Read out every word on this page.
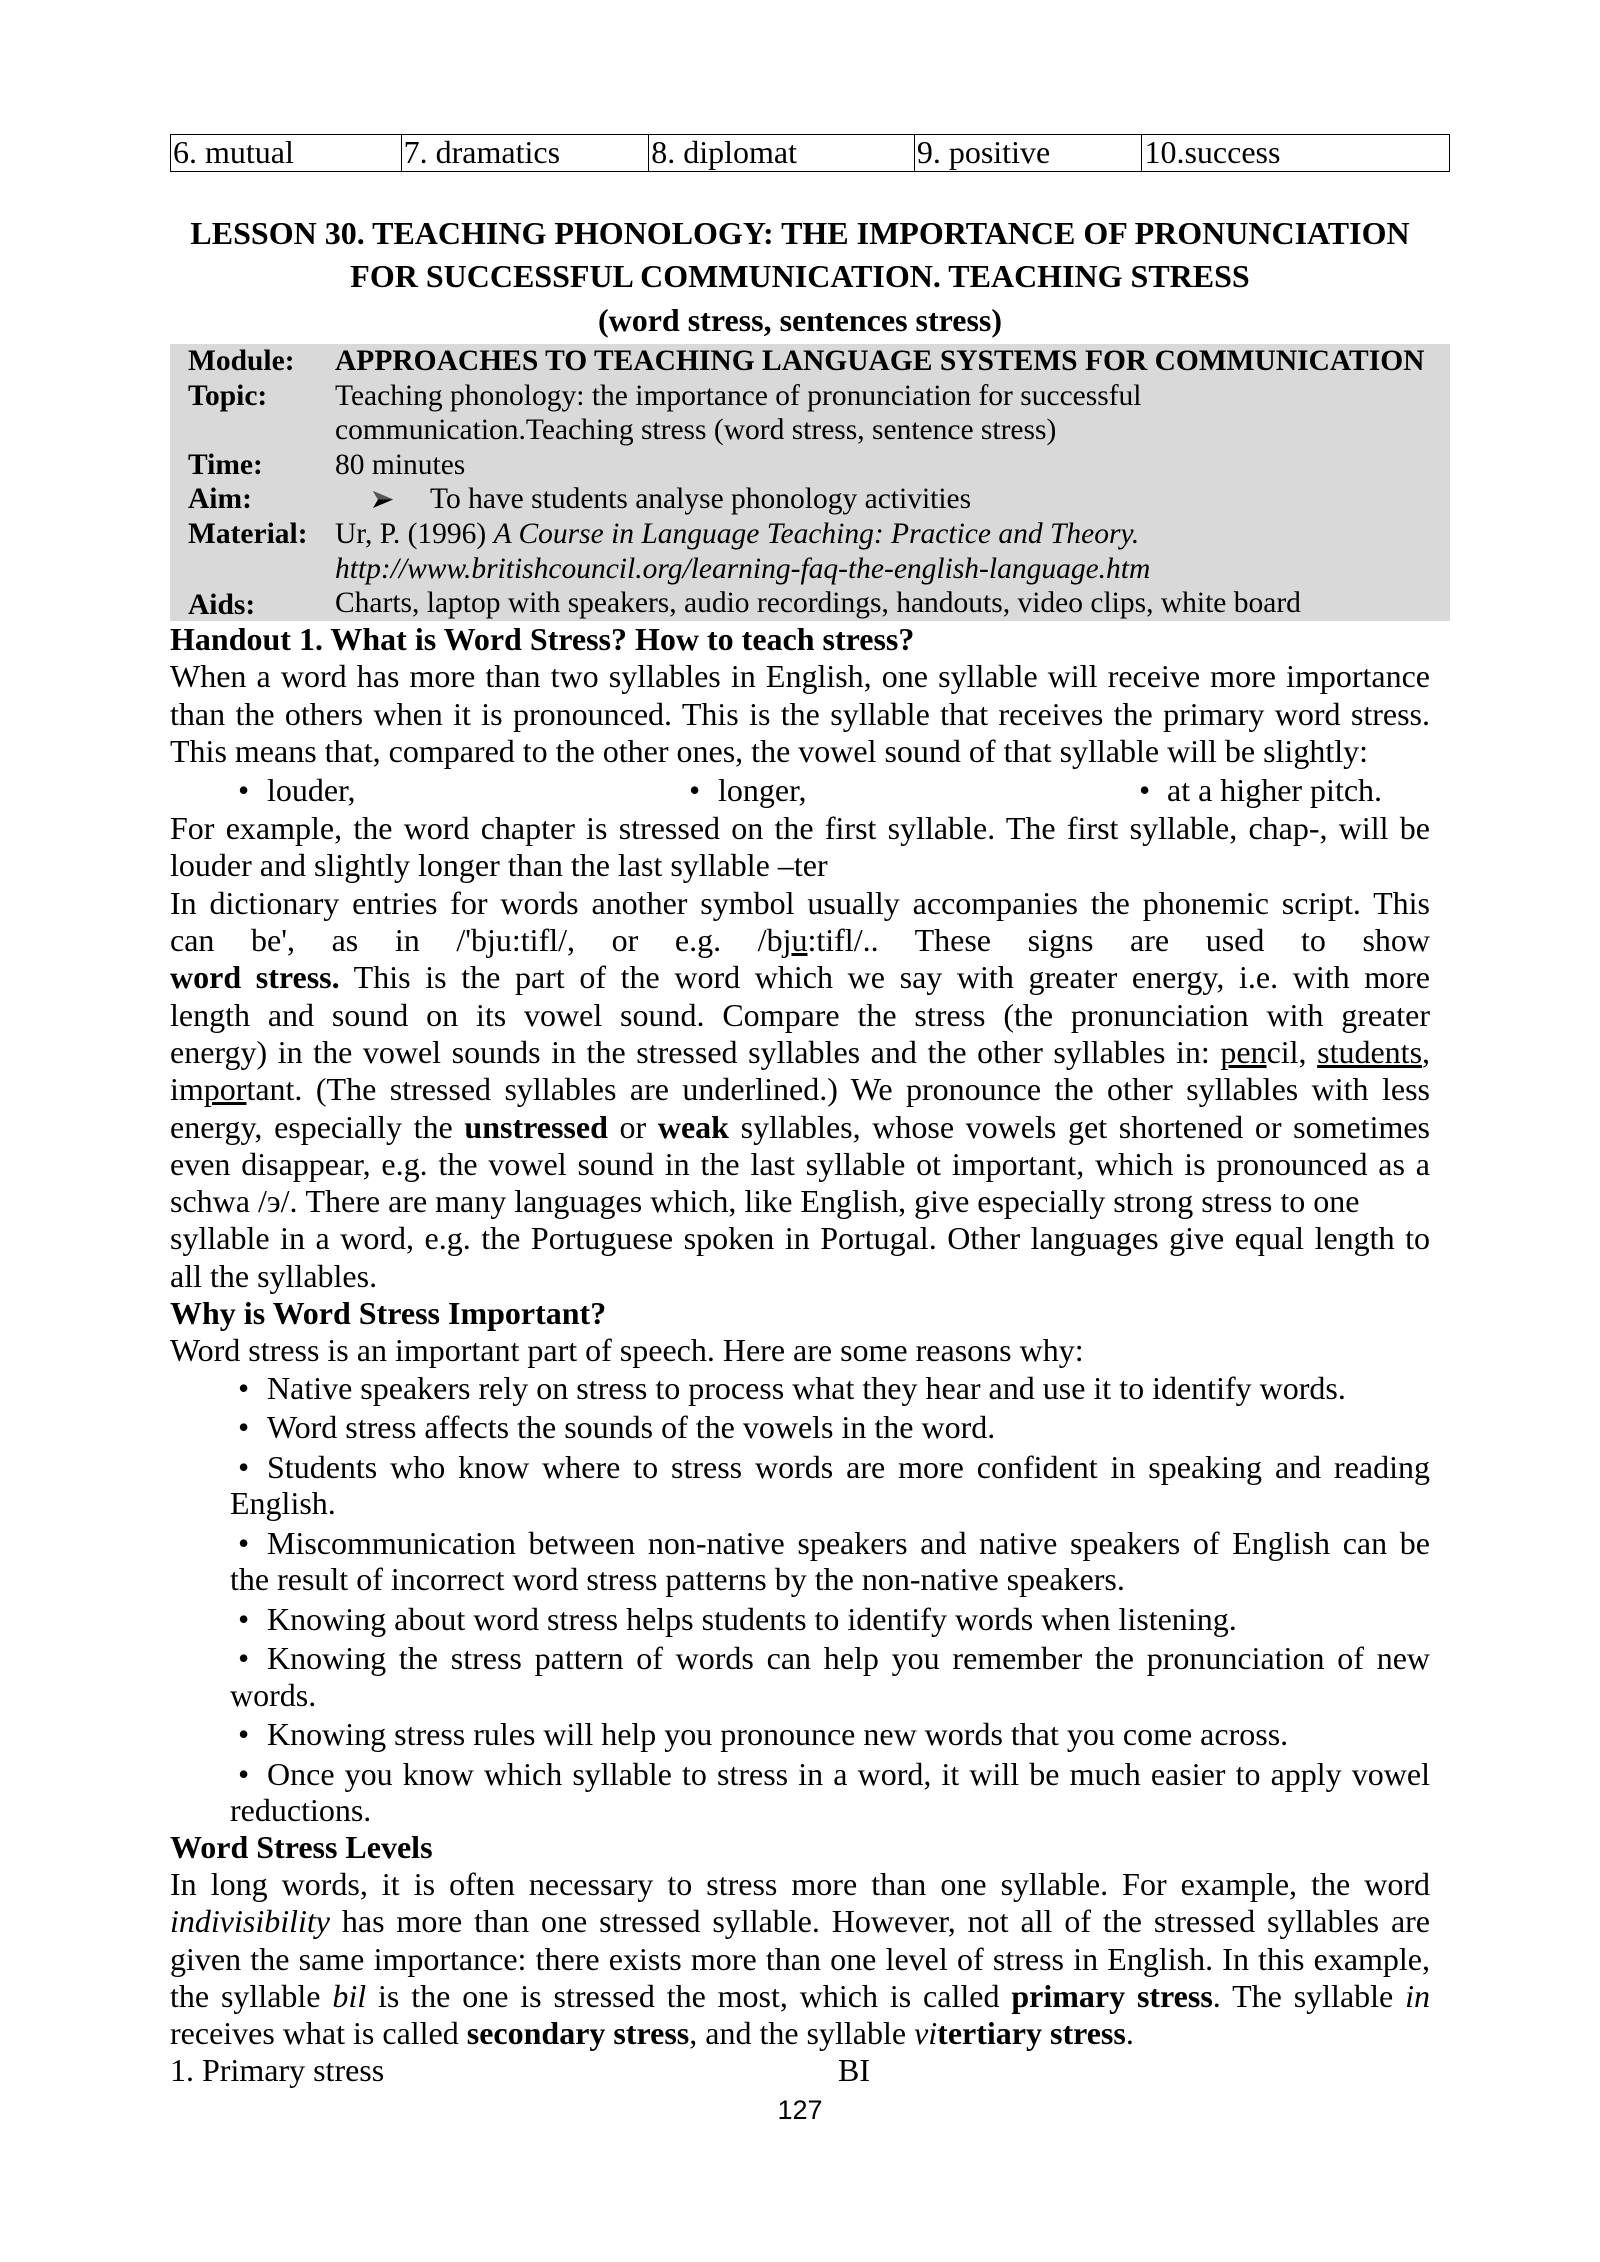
6. mutual	7. dramatics	8. diplomat	9. positive	10.success
LESSON 30. TEACHING PHONOLOGY: THE IMPORTANCE OF PRONUNCIATION
FOR SUCCESSFUL COMMUNICATION. TEACHING STRESS
(word stress, sentences stress)
Module: APPROACHES TO TEACHING LANGUAGE SYSTEMS FOR COMMUNICATION
Topic: Teaching phonology: the importance of pronunciation for successful
communication.Teaching stress (word stress, sentence stress)
Time: 80 minutes
Aim:	To have students analyse phonology activities
Material: Ur, P. (1996) A Course in Language Teaching: Practice and Theory.
http://www.britishcouncil.org/learning-faq-the-english-language.htm
Aids:	Charts, laptop with speakers, audio recordings, handouts, video clips, white board
Handout 1. What is Word Stress? How to teach stress?
When a word has more than two syllables in English, one syllable will receive more importance
than the others when it is pronounced. This is the syllable that receives the primary word stress.
This means that, compared to the other ones, the vowel sound of that syllable will be slightly:
•
louder, •	longer, •	at a higher pitch.
For example, the word chapter is stressed on the first syllable. The first syllable, chap-, will be
louder and slightly longer than the last syllable –ter
In dictionary entries for words another symbol usually accompanies the phonemic script. This
can be', as in /'bju:tifl/, or e.g. /bju:tifl/.. These signs are used to show
word stress. This is the part of the word which we say with greater energy, i.e. with more
length and sound on its vowel sound. Compare the stress (the pronunciation with greater
energy) in the vowel sounds in the stressed syllables and the other syllables in: pencil, students,
important. (The stressed syllables are underlined.) We pronounce the other syllables with less
energy, especially the unstressed or weak syllables, whose vowels get shortened or sometimes
even disappear, e.g. the vowel sound in the last syllable ot important, which is pronounced as a
schwa /э/. There are many languages which, like English, give especially strong stress to one
syllable in a word, e.g. the Portuguese spoken in Portugal. Other languages give equal length to
all the syllables.
Why is Word Stress Important?
Word stress is an important part of speech. Here are some reasons why:
•Native speakers rely on stress to process what they hear and use it to identify words.
•Word stress affects the sounds of the vowels in the word.
•Students who know where to stress words are more confident in speaking and reading
English.
•Miscommunication between non-native speakers and native speakers of English can be
the result of incorrect word stress patterns by the non-native speakers.
•Knowing about word stress helps students to identify words when listening.
•Knowing the stress pattern of words can help you remember the pronunciation of new
words.
•Knowing stress rules will help you pronounce new words that you come across.
•Once you know which syllable to stress in a word, it will be much easier to apply vowel
reductions.
Word Stress Levels
In long words, it is often necessary to stress more than one syllable. For example, the word
indivisibility has more than one stressed syllable. However, not all of the stressed syllables are
given the same importance: there exists more than one level of stress in English. In this example,
the syllable bil is the one is stressed the most, which is called primary stress. The syllable in
receives what is called secondary stress, and the syllable vitertiary stress.
1. Primary stress	BI
127
